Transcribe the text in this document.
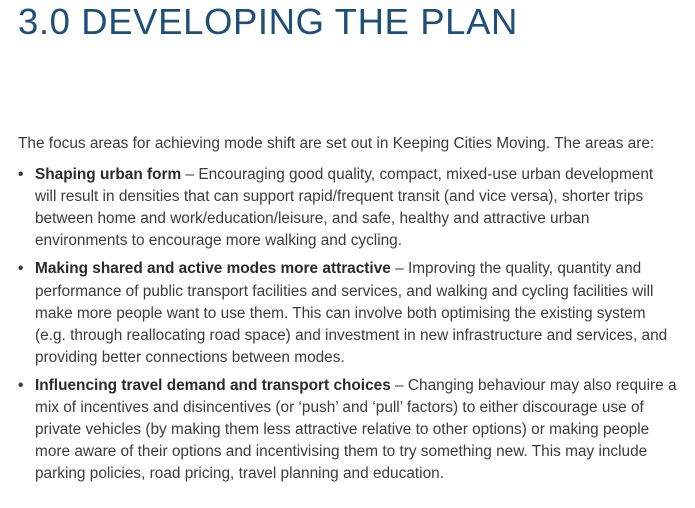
3.0 DEVELOPING THE PLAN

The focus areas for achieving mode shift are set out in Keeping Cities Moving. The areas are:

• Shaping urban form – Encouraging good quality, compact, mixed-use urban development will result in densities that can support rapid/frequent transit (and vice versa), shorter trips between home and work/education/leisure, and safe, healthy and attractive urban environments to encourage more walking and cycling.
• Making shared and active modes more attractive – Improving the quality, quantity and performance of public transport facilities and services, and walking and cycling facilities will make more people want to use them. This can involve both optimising the existing system (e.g. through reallocating road space) and investment in new infrastructure and services, and providing better connections between modes.
• Influencing travel demand and transport choices – Changing behaviour may also require a mix of incentives and disincentives (or ‘push’ and ‘pull’ factors) to either discourage use of private vehicles (by making them less attractive relative to other options) or making people more aware of their options and incentivising them to try something new. This may include parking policies, road pricing, travel planning and education.
